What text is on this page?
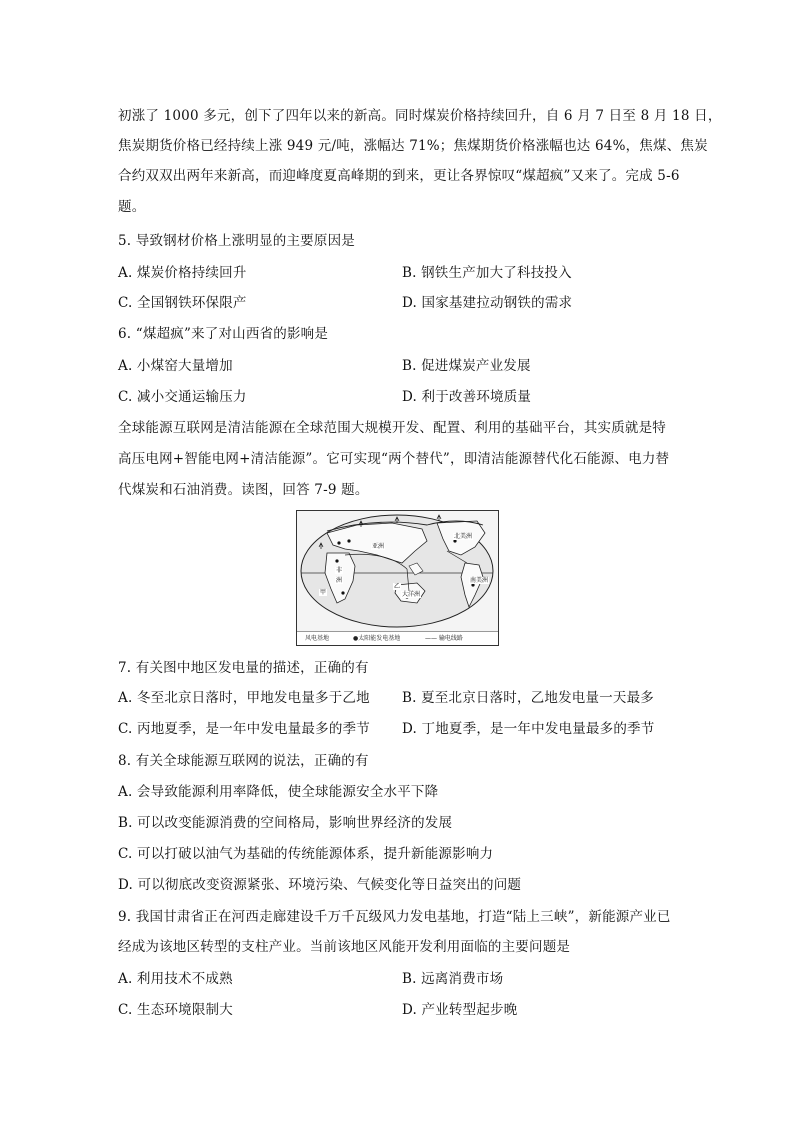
初涨了 1000 多元，创下了四年以来的新高。同时煤炭价格持续回升，自 6 月 7 日至 8 月 18 日，
焦炭期货价格已经持续上涨 949 元/吨，涨幅达 71%；焦煤期货价格涨幅也达 64%，焦煤、焦炭
合约双双出两年来新高，而迎峰度夏高峰期的到来，更让各界惊叹“煤超疯”又来了。完成 5-6
题。
5. 导致钢材价格上涨明显的主要原因是
A. 煤炭价格持续回升	B. 钢铁生产加大了科技投入
C. 全国钢铁环保限产	D. 国家基建拉动钢铁的需求
6. “煤超疯”来了对山西省的影响是
A. 小煤窑大量增加	B. 促进煤炭产业发展
C. 减小交通运输压力	D. 利于改善环境质量
全球能源互联网是清洁能源在全球范围大规模开发、配置、利用的基础平台，其实质就是特
高压电网+智能电网+清洁能源”。它可实现“两个替代”，即清洁能源替代化石能源、电力替
代煤炭和石油消费。读图，回答 7-9 题。
亚洲
北美洲
非
洲	南美洲
大洋洲
甲
乙
风电基地	●太阳能发电基地	—— 输电线路
7. 有关图中地区发电量的描述，正确的有
A. 冬至北京日落时，甲地发电量多于乙地 B. 夏至北京日落时，乙地发电量一天最多
C. 丙地夏季，是一年中发电量最多的季节 D. 丁地夏季，是一年中发电量最多的季节
8. 有关全球能源互联网的说法，正确的有
A. 会导致能源利用率降低，使全球能源安全水平下降
B. 可以改变能源消费的空间格局，影响世界经济的发展
C. 可以打破以油气为基础的传统能源体系，提升新能源影响力
D. 可以彻底改变资源紧张、环境污染、气候变化等日益突出的问题
9. 我国甘肃省正在河西走廊建设千万千瓦级风力发电基地，打造“陆上三峡”，新能源产业已
经成为该地区转型的支柱产业。当前该地区风能开发利用面临的主要问题是
A. 利用技术不成熟	B. 远离消费市场
C. 生态环境限制大	D. 产业转型起步晚
